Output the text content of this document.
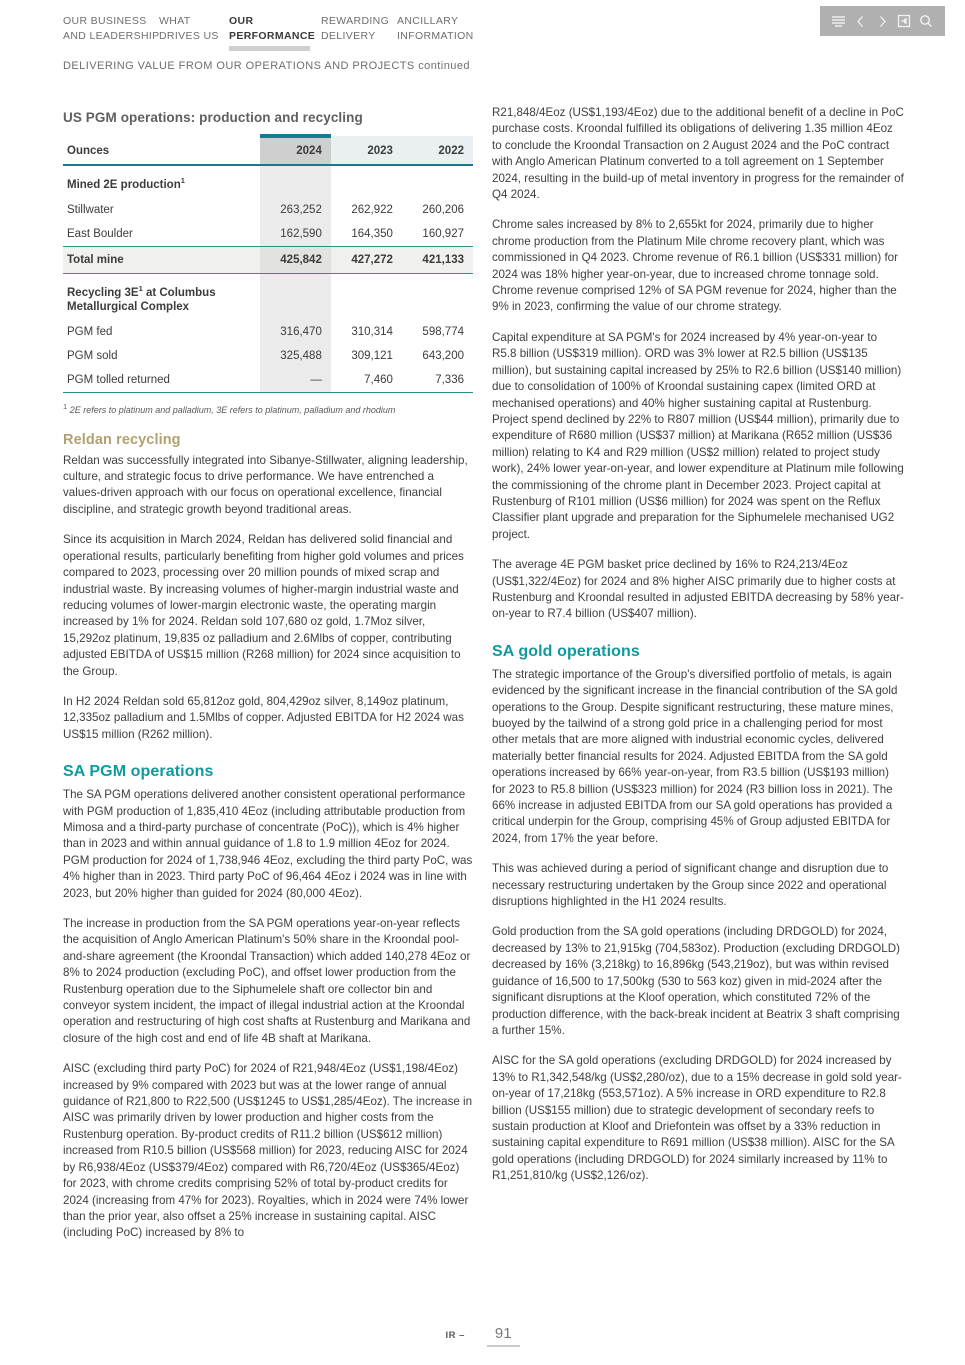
OUR BUSINESS
AND LEADERSHIP
WHAT
DRIVES US
OUR
PERFORMANCE
REWARDING
DELIVERY
ANCILLARY
INFORMATION
DELIVERING VALUE FROM OUR OPERATIONS AND PROJECTS continued
US PGM operations: production and recycling
Ounces	2024	2023	2022
Mined 2E production$^1$			
Stillwater	263,252	262,922	260,206
East Boulder	162,590	164,350	160,927
Total mine	425,842	427,272	421,133
Recycling $3E^1$ at Columbus
Metallurgical Complex			
PGM fed	316,470	310,314	598,774
PGM sold	325,488	309,121	643,200
PGM tolled returned	—	7,460	7,336
$^1$ 2E refers to platinum and palladium, 3E refers to platinum, palladium and rhodium
Reldan recycling

Reldan was successfully integrated into Sibanye-Stillwater, aligning leadership, culture, and strategic focus to drive performance. We have entrenched a values-driven approach with our focus on operational excellence, financial discipline, and strategic growth beyond traditional areas.

Since its acquisition in March 2024, Reldan has delivered solid financial and operational results, particularly benefiting from higher gold volumes and prices compared to 2023, processing over 20 million pounds of mixed scrap and industrial waste. By increasing volumes of higher-margin industrial waste and reducing volumes of lower-margin electronic waste, the operating margin increased by 1% for 2024. Reldan sold 107,680 oz gold, 1.7Moz silver, 15,292oz platinum, 19,835 oz palladium and 2.6Mlbs of copper, contributing adjusted EBITDA of US$15 million (R268 million) for 2024 since acquisition to the Group.

In H2 2024 Reldan sold 65,812oz gold, 804,429oz silver, 8,149oz platinum, 12,335oz palladium and 1.5Mlbs of copper. Adjusted EBITDA for H2 2024 was US$15 million (R262 million).

SA PGM operations

The SA PGM operations delivered another consistent operational performance with PGM production of 1,835,410 4Eoz (including attributable production from Mimosa and a third-party purchase of concentrate (PoC)), which is 4% higher than in 2023 and within annual guidance of 1.8 to 1.9 million 4Eoz for 2024. PGM production for 2024 of 1,738,946 4Eoz, excluding the third party PoC, was 4% higher than in 2023. Third party PoC of 96,464 4Eoz i 2024 was in line with 2023, but 20% higher than guided for 2024 (80,000 4Eoz).

The increase in production from the SA PGM operations year-on-year reflects the acquisition of Anglo American Platinum's 50% share in the Kroondal pool-and-share agreement (the Kroondal Transaction) which added 140,278 4Eoz or 8% to 2024 production (excluding PoC), and offset lower production from the Rustenburg operation due to the Siphumelele shaft ore collector bin and conveyor system incident, the impact of illegal industrial action at the Kroondal operation and restructuring of high cost shafts at Rustenburg and Marikana and closure of the high cost and end of life 4B shaft at Marikana.

AISC (excluding third party PoC) for 2024 of R21,948/4Eoz (US$1,198/4Eoz) increased by 9% compared with 2023 but was at the lower range of annual guidance of R21,800 to R22,500 (US$1245 to US$1,285/4Eoz). The increase in AISC was primarily driven by lower production and higher costs from the Rustenburg operation. By-product credits of R11.2 billion (US$612 million) increased from R10.5 billion (US$568 million) for 2023, reducing AISC for 2024 by R6,938/4Eoz (US$379/4Eoz) compared with R6,720/4Eoz (US$365/4Eoz) for 2023, with chrome credits comprising 52% of total by-product credits for 2024 (increasing from 47% for 2023). Royalties, which in 2024 were 74% lower than the prior year, also offset a 25% increase in sustaining capital. AISC (including PoC) increased by 8% to

R21,848/4Eoz (US$1,193/4Eoz) due to the additional benefit of a decline in PoC purchase costs. Kroondal fulfilled its obligations of delivering 1.35 million 4Eoz to conclude the Kroondal Transaction on 2 August 2024 and the PoC contract with Anglo American Platinum converted to a toll agreement on 1 September 2024, resulting in the build-up of metal inventory in progress for the remainder of Q4 2024.

Chrome sales increased by 8% to 2,655kt for 2024, primarily due to higher chrome production from the Platinum Mile chrome recovery plant, which was commissioned in Q4 2023. Chrome revenue of R6.1 billion (US$331 million) for 2024 was 18% higher year-on-year, due to increased chrome tonnage sold. Chrome revenue comprised 12% of SA PGM revenue for 2024, higher than the 9% in 2023, confirming the value of our chrome strategy.

Capital expenditure at SA PGM's for 2024 increased by 4% year-on-year to R5.8 billion (US$319 million). ORD was 3% lower at R2.5 billion (US$135 million), but sustaining capital increased by 25% to R2.6 billion (US$140 million) due to consolidation of 100% of Kroondal sustaining capex (limited ORD at mechanised operations) and 40% higher sustaining capital at Rustenburg. Project spend declined by 22% to R807 million (US$44 million), primarily due to expenditure of R680 million (US$37 million) at Marikana (R652 million (US$36 million) relating to K4 and R29 million (US$2 million) related to project study work), 24% lower year-on-year, and lower expenditure at Platinum mile following the commissioning of the chrome plant in December 2023. Project capital at Rustenburg of R101 million (US$6 million) for 2024 was spent on the Reflux Classifier plant upgrade and preparation for the Siphumelele mechanised UG2 project.

The average 4E PGM basket price declined by 16% to R24,213/4Eoz (US$1,322/4Eoz) for 2024 and 8% higher AISC primarily due to higher costs at Rustenburg and Kroondal resulted in adjusted EBITDA decreasing by 58% year-on-year to R7.4 billion (US$407 million).

SA gold operations

The strategic importance of the Group's diversified portfolio of metals, is again evidenced by the significant increase in the financial contribution of the SA gold operations to the Group. Despite significant restructuring, these mature mines, buoyed by the tailwind of a strong gold price in a challenging period for most other metals that are more aligned with industrial economic cycles, delivered materially better financial results for 2024. Adjusted EBITDA from the SA gold operations increased by 66% year-on-year, from R3.5 billion (US$193 million) for 2023 to R5.8 billion (US$323 million) for 2024 (R3 billion loss in 2021). The 66% increase in adjusted EBITDA from our SA gold operations has provided a critical underpin for the Group, comprising 45% of Group adjusted EBITDA for 2024, from 17% the year before.

This was achieved during a period of significant change and disruption due to necessary restructuring undertaken by the Group since 2022 and operational disruptions highlighted in the H1 2024 results.

Gold production from the SA gold operations (including DRDGOLD) for 2024, decreased by 13% to 21,915kg (704,583oz). Production (excluding DRDGOLD) decreased by 16% (3,218kg) to 16,896kg (543,219oz), but was within revised guidance of 16,500 to 17,500kg (530 to 563 koz) given in mid-2024 after the significant disruptions at the Kloof operation, which constituted 72% of the production difference, with the back-break incident at Beatrix 3 shaft comprising a further 15%.

AISC for the SA gold operations (excluding DRDGOLD) for 2024 increased by 13% to R1,342,548/kg (US$2,280/oz), due to a 15% decrease in gold sold year-on-year of 17,218kg (553,571oz). A 5% increase in ORD expenditure to R2.8 billion (US$155 million) due to strategic development of secondary reefs to sustain production at Kloof and Driefontein was offset by a 33% reduction in sustaining capital expenditure to R691 million (US$38 million). AISC for the SA gold operations (including DRDGOLD) for 2024 similarly increased by 11% to R1,251,810/kg (US$2,126/oz).

IR –	91
